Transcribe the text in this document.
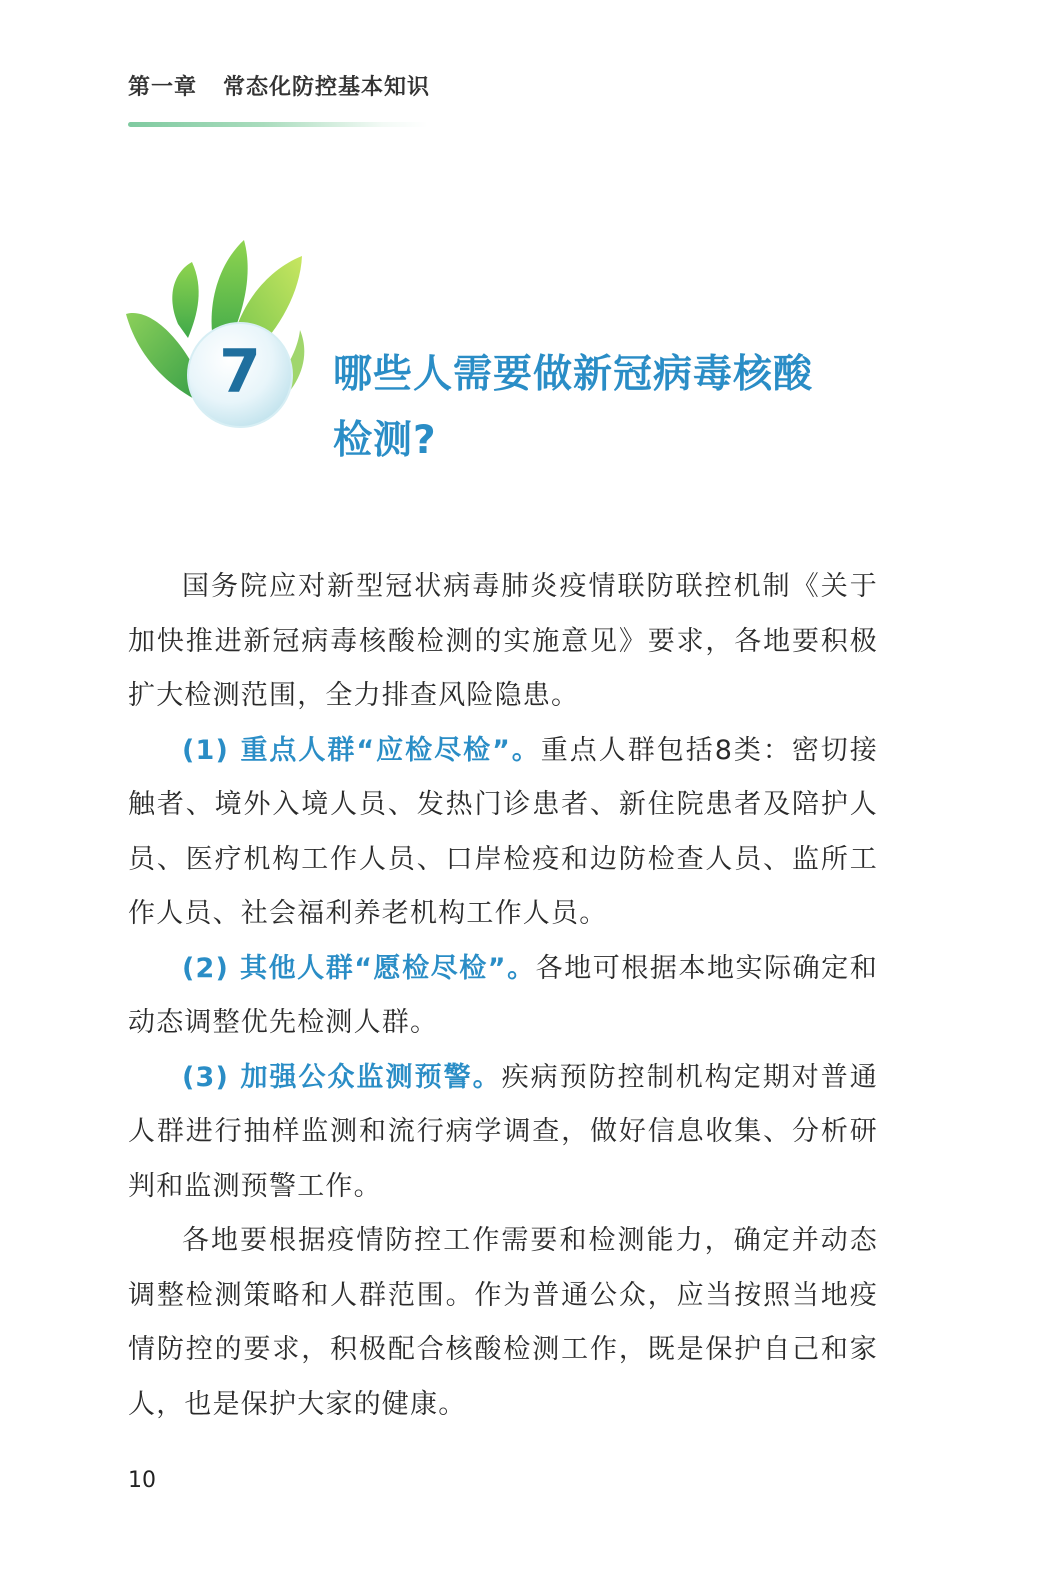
第一章 常态化防控基本知识
7	哪些人需要做新冠病毒核酸
检测?

国务院应对新型冠状病毒肺炎疫情联防联控机制《关于加快推进新冠病毒核酸检测的实施意见》要求，各地要积极扩大检测范围，全力排查风险隐患。

(1) 重点人群“应检尽检”。重点人群包括8类：密切接触者、境外入境人员、发热门诊患者、新住院患者及陪护人员、医疗机构工作人员、口岸检疫和边防检查人员、监所工作人员、社会福利养老机构工作人员。

(2) 其他人群“愿检尽检”。各地可根据本地实际确定和动态调整优先检测人群。

(3) 加强公众监测预警。疾病预防控制机构定期对普通人群进行抽样监测和流行病学调查，做好信息收集、分析研判和监测预警工作。

各地要根据疫情防控工作需要和检测能力，确定并动态调整检测策略和人群范围。作为普通公众，应当按照当地疫情防控的要求，积极配合核酸检测工作，既是保护自己和家人，也是保护大家的健康。

10
